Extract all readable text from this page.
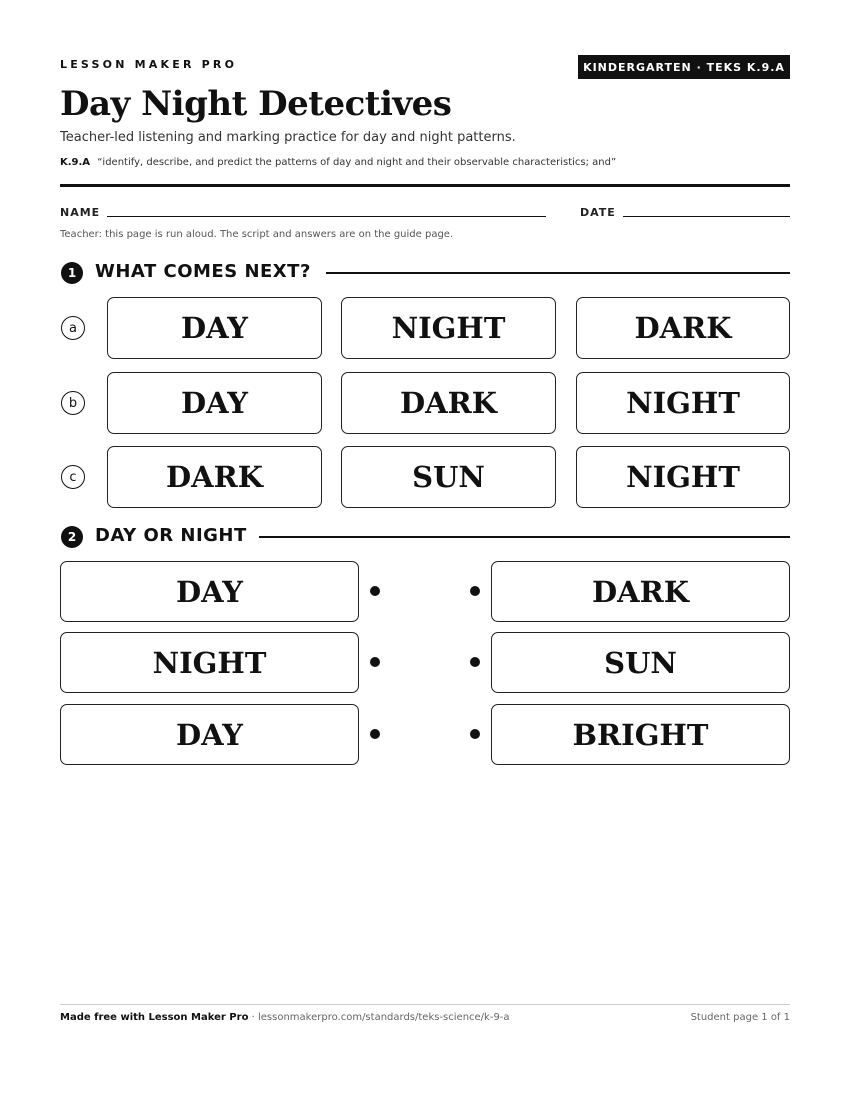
LESSON MAKER PRO	KINDERGARTEN · TEKS K.9.A
Day Night Detectives
Teacher-led listening and marking practice for day and night patterns.
K.9.A “identify, describe, and predict the patterns of day and night and their observable characteristics; and”
NAME	DATE
Teacher: this page is run aloud. The script and answers are on the guide page.
1	WHAT COMES NEXT?
a	DAY	NIGHT	DARK
b	DAY	DARK	NIGHT
c	DARK	SUN	NIGHT
2	DAY OR NIGHT
DAY	DARK
NIGHT	SUN
DAY	BRIGHT
Made free with Lesson Maker Pro · lessonmakerpro.com/standards/teks-science/k-9-a	Student page 1 of 1
